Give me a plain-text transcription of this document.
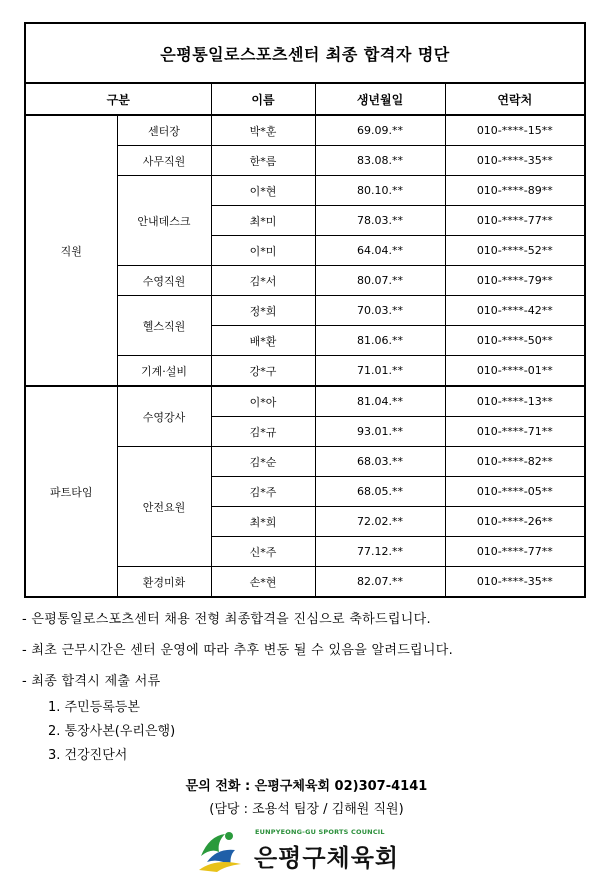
은평통일로스포츠센터 최종 합격자 명단				
구분		이름	생년월일	연락처
직원	센터장	박*훈	69.09.**	010-****-15**
	사무직원	한*름	83.08.**	010-****-35**
	안내데스크	이*현	80.10.**	010-****-89**
		최*미	78.03.**	010-****-77**
		이*미	64.04.**	010-****-52**
	수영직원	김*서	80.07.**	010-****-79**
	헬스직원	정*희	70.03.**	010-****-42**
		배*환	81.06.**	010-****-50**
	기계·설비	강*구	71.01.**	010-****-01**
파트타임	수영강사	이*아	81.04.**	010-****-13**
		김*규	93.01.**	010-****-71**
	안전요원	김*순	68.03.**	010-****-82**
		김*주	68.05.**	010-****-05**
		최*희	72.02.**	010-****-26**
		신*주	77.12.**	010-****-77**
	환경미화	손*현	82.07.**	010-****-35**
- 은평통일로스포츠센터 채용 전형 최종합격을 진심으로 축하드립니다.
- 최초 근무시간은 센터 운영에 따라 추후 변동 될 수 있음을 알려드립니다.
- 최종 합격시 제출 서류
1. 주민등록등본
2. 통장사본(우리은행)
3. 건강진단서
문의 전화 : 은평구체육회 02)307-4141
(담당 : 조용석 팀장 / 김해원 직원)
EUNPYEONG-GU SPORTS COUNCIL
은평구체육회
